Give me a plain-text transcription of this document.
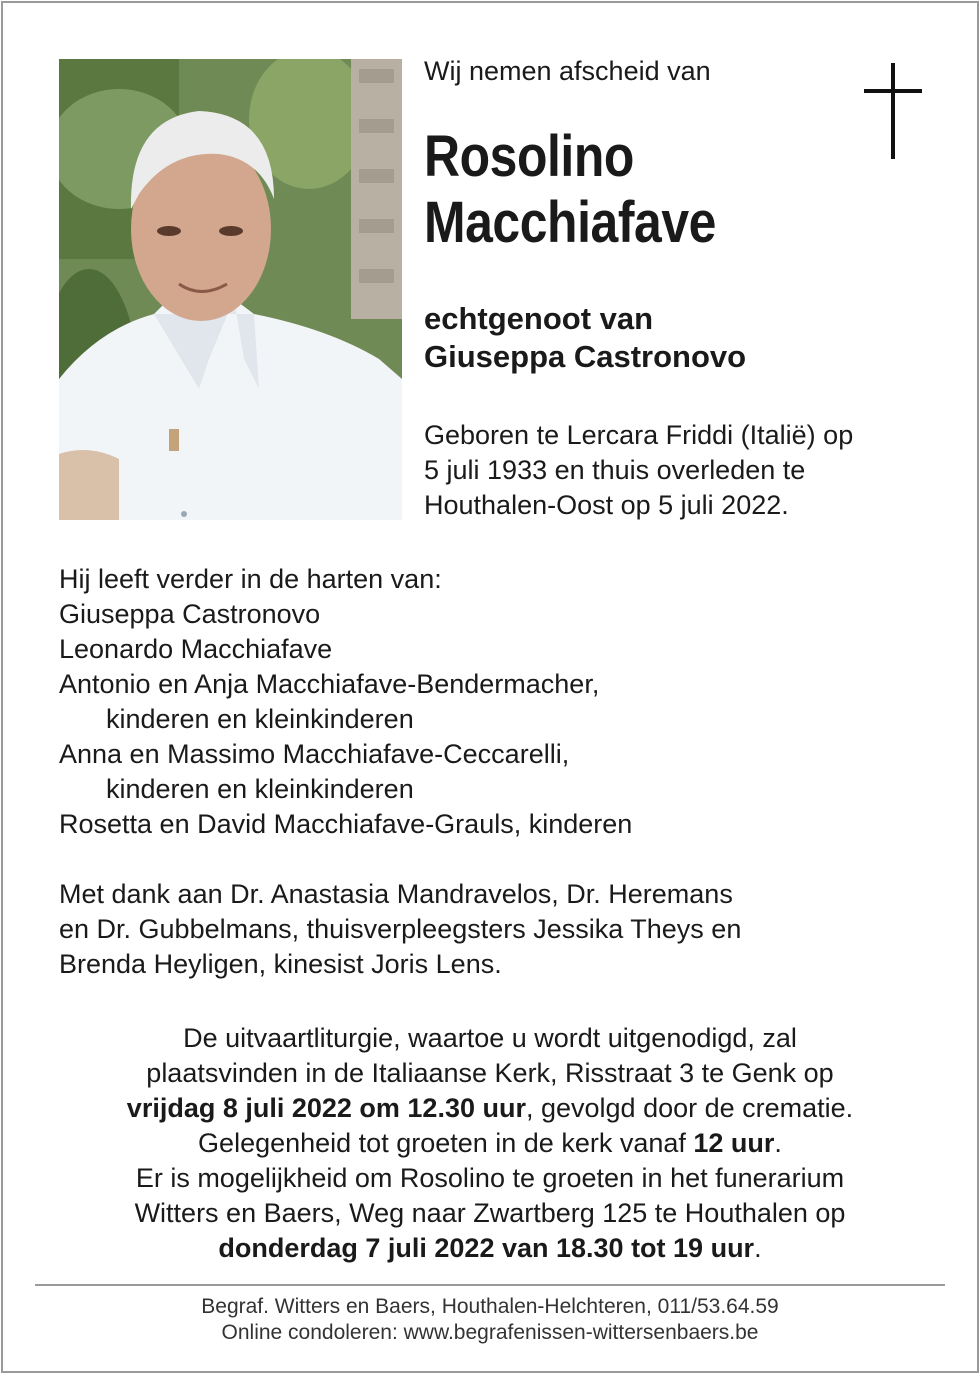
Wij nemen afscheid van
Rosolino
Macchiafave
echtgenoot van
Giuseppa Castronovo
Geboren te Lercara Friddi (Italië) op
5 juli 1933 en thuis overleden te
Houthalen-Oost op 5 juli 2022.
Hij leeft verder in de harten van:
Giuseppa Castronovo
Leonardo Macchiafave
Antonio en Anja Macchiafave-Bendermacher,
kinderen en kleinkinderen
Anna en Massimo Macchiafave-Ceccarelli,
kinderen en kleinkinderen
Rosetta en David Macchiafave-Grauls, kinderen
Met dank aan Dr. Anastasia Mandravelos, Dr. Heremans
en Dr. Gubbelmans, thuisverpleegsters Jessika Theys en
Brenda Heyligen, kinesist Joris Lens.
De uitvaartliturgie, waartoe u wordt uitgenodigd, zal
plaatsvinden in de Italiaanse Kerk, Risstraat 3 te Genk op
vrijdag 8 juli 2022 om 12.30 uur, gevolgd door de crematie.
Gelegenheid tot groeten in de kerk vanaf 12 uur.
Er is mogelijkheid om Rosolino te groeten in het funerarium
Witters en Baers, Weg naar Zwartberg 125 te Houthalen op
donderdag 7 juli 2022 van 18.30 tot 19 uur.
Begraf. Witters en Baers, Houthalen-Helchteren, 011/53.64.59
Online condoleren: www.begrafenissen-wittersenbaers.be
